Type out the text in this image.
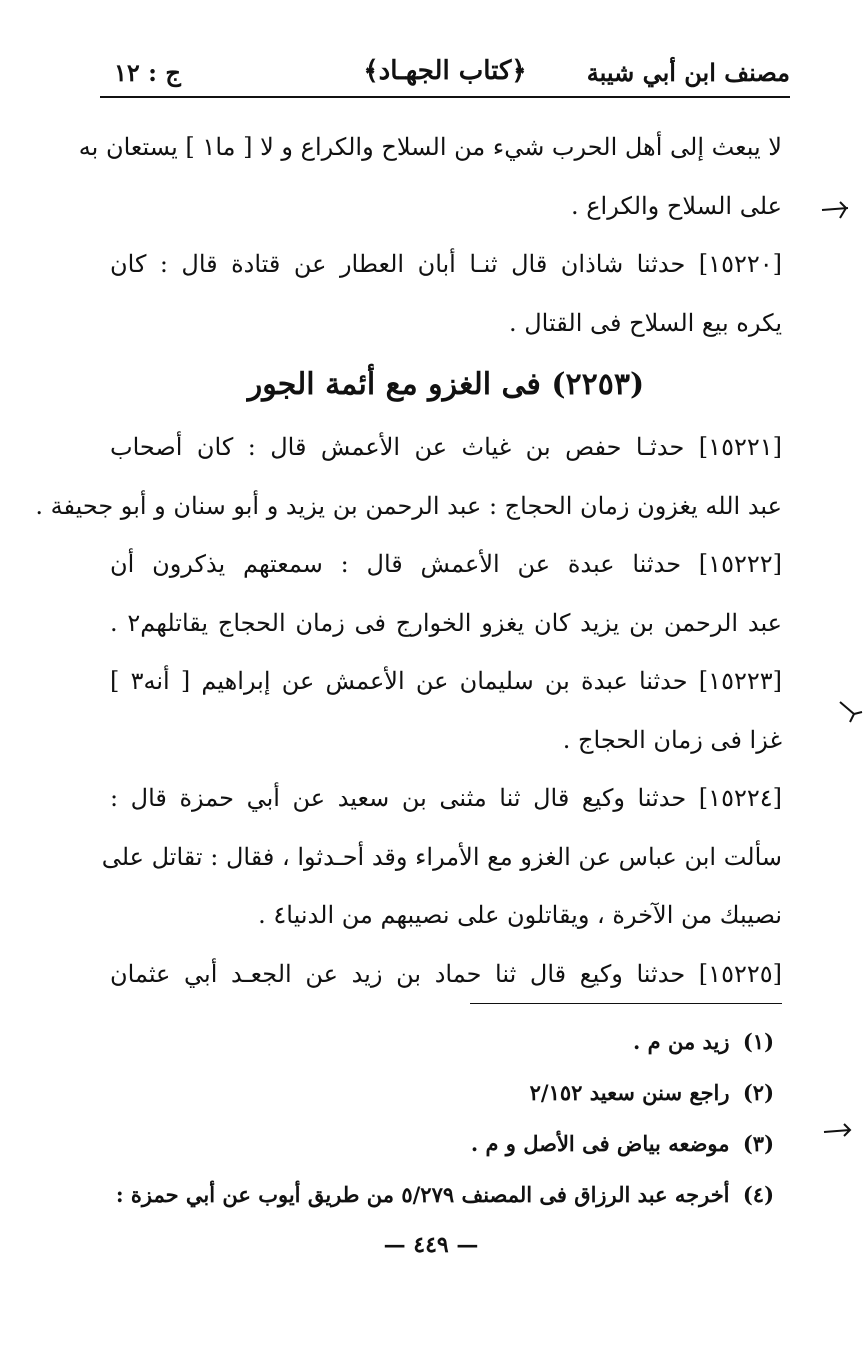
مصنف ابن أبي شيبة
﴿كتاب الجهـاد﴾
ج : ١٢
لا يبعث إلى أهل الحرب شيء من السلاح والكراع و لا [ ما١ ] يستعان به
على السلاح والكراع .
[١٥٢٢٠] حدثنا شاذان قال ثنـا أبان العطار عن قتادة قال : كان
يكره بيع السلاح فى القتال .
(٢٢٥٣) فى الغزو مع أئمة الجور
[١٥٢٢١] حدثـا حفص بن غياث عن الأعمش قال : كان أصحاب
عبد الله يغزون زمان الحجاج : عبد الرحمن بن يزيد و أبو سنان و أبو جحيفة .
[١٥٢٢٢] حدثنا عبدة عن الأعمش قال : سمعتهم يذكرون أن
عبد الرحمن بن يزيد كان يغزو الخوارج فى زمان الحجاج يقاتلهم٢ .
[١٥٢٢٣] حدثنا عبدة بن سليمان عن الأعمش عن إبراهيم [ أنه٣ ]
غزا فى زمان الحجاج .
[١٥٢٢٤] حدثنا وكيع قال ثنا مثنى بن سعيد عن أبي حمزة قال :
سألت ابن عباس عن الغزو مع الأمراء وقد أحـدثوا ، فقال : تقاتل على
نصيبك من الآخرة ، ويقاتلون على نصيبهم من الدنيا٤ .
[١٥٢٢٥] حدثنا وكيع قال ثنا حماد بن زيد عن الجعـد أبي عثمان
(١) زيد من م .
(٢) راجع سنن سعيد ٢/١٥٢
(٣) موضعه بياض فى الأصل و م .
(٤) أخرجه عبد الرزاق فى المصنف ٥/٢٧٩ من طريق أيوب عن أبي حمزة :
— ٤٤٩ —
